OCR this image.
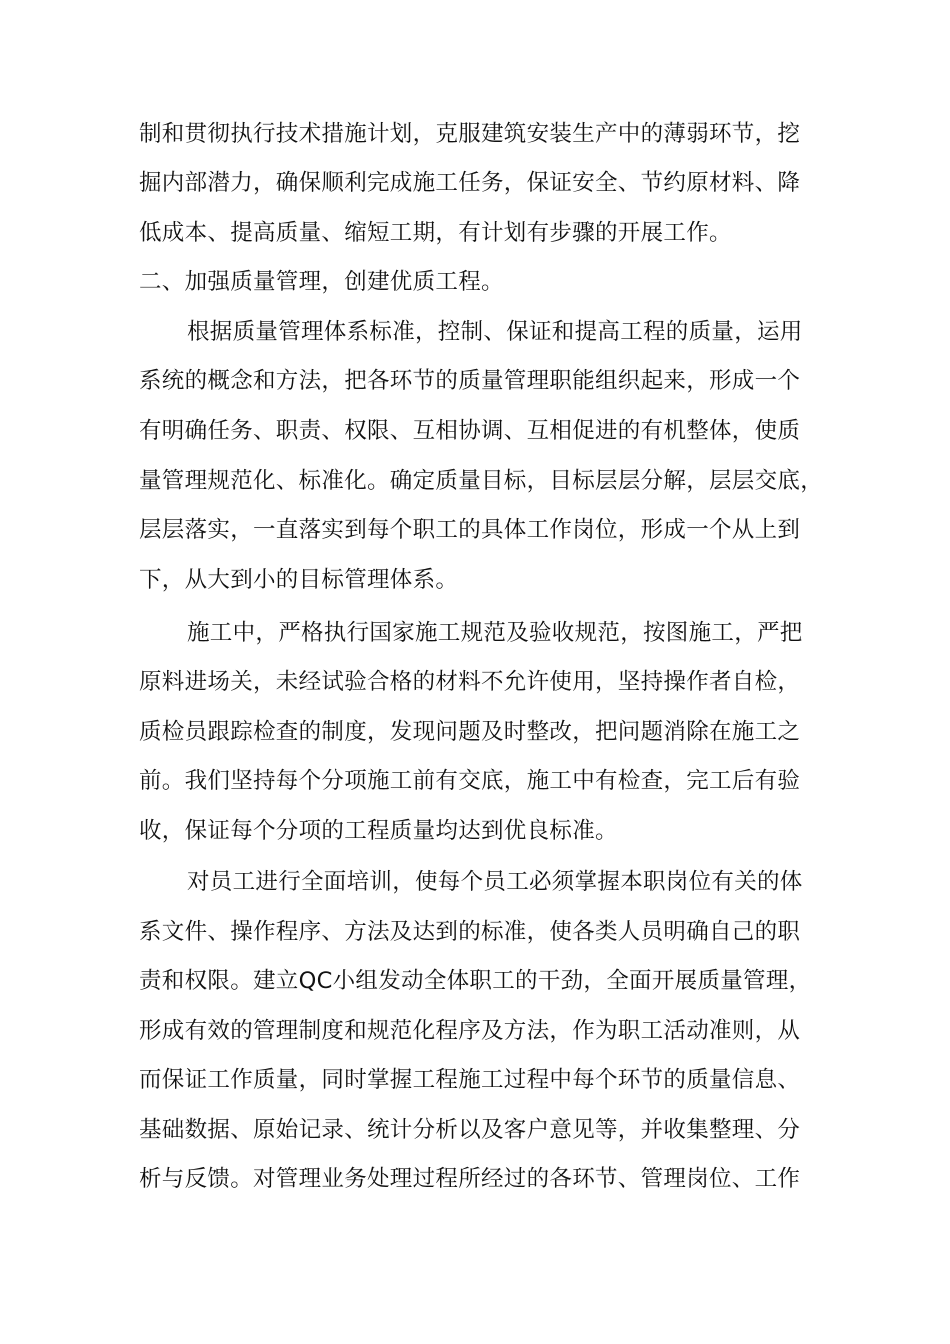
制和贯彻执行技术措施计划，克服建筑安装生产中的薄弱环节，挖
掘内部潜力，确保顺利完成施工任务，保证安全、节约原材料、降
低成本、提高质量、缩短工期，有计划有步骤的开展工作。
二、加强质量管理，创建优质工程。
根据质量管理体系标准，控制、保证和提高工程的质量，运用
系统的概念和方法，把各环节的质量管理职能组织起来，形成一个
有明确任务、职责、权限、互相协调、互相促进的有机整体，使质
量管理规范化、标准化。确定质量目标，目标层层分解，层层交底，
层层落实，一直落实到每个职工的具体工作岗位，形成一个从上到
下，从大到小的目标管理体系。
施工中，严格执行国家施工规范及验收规范，按图施工，严把
原料进场关，未经试验合格的材料不允许使用，坚持操作者自检，
质检员跟踪检查的制度，发现问题及时整改，把问题消除在施工之
前。我们坚持每个分项施工前有交底，施工中有检查，完工后有验
收，保证每个分项的工程质量均达到优良标准。
对员工进行全面培训，使每个员工必须掌握本职岗位有关的体
系文件、操作程序、方法及达到的标准，使各类人员明确自己的职
责和权限。建立QC小组发动全体职工的干劲，全面开展质量管理，
形成有效的管理制度和规范化程序及方法，作为职工活动准则，从
而保证工作质量，同时掌握工程施工过程中每个环节的质量信息、
基础数据、原始记录、统计分析以及客户意见等，并收集整理、分
析与反馈。对管理业务处理过程所经过的各环节、管理岗位、工作
